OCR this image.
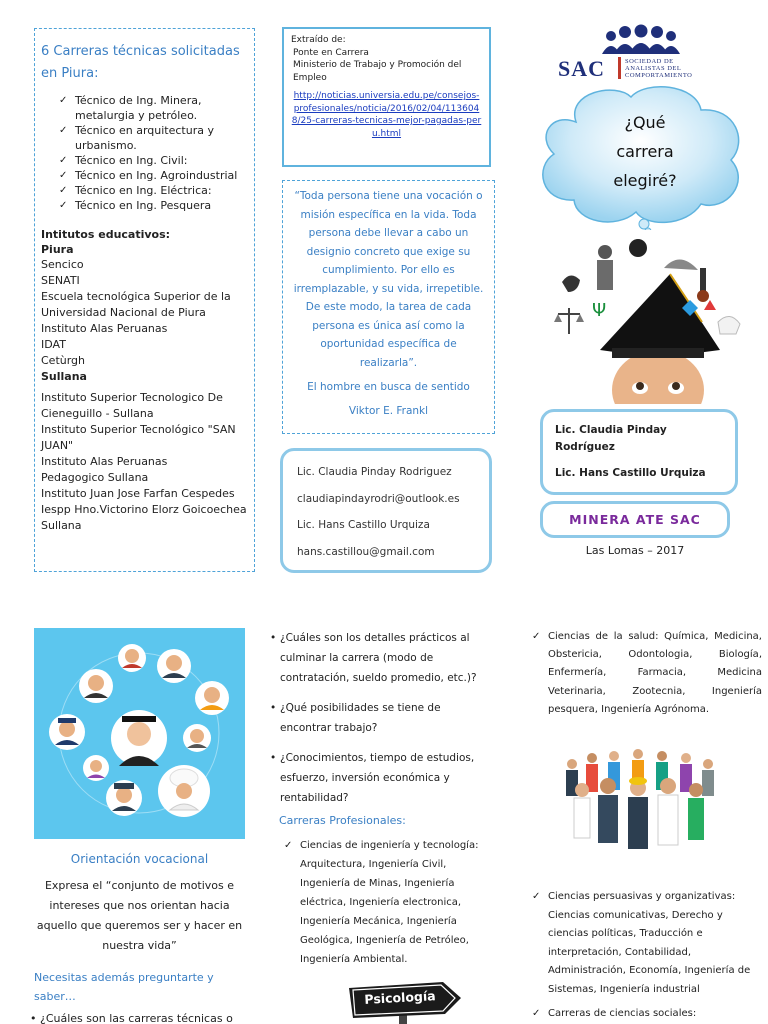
6 Carreras técnicas solicitadas en Piura:
✓ Técnico de Ing. Minera, metalurgia y petróleo.
✓ Técnico en arquitectura y urbanismo.
✓ Técnico en Ing. Civil:
✓ Técnico en Ing. Agroindustrial
✓ Técnico en Ing. Eléctrica:
✓ Técnico en Ing. Pesquera
Intitutos educativos:
Piura
Sencico
SENATI
Escuela tecnológica Superior de la Universidad Nacional de Piura
Instituto Alas Peruanas
IDAT
Cetùrgh
Sullana
Instituto Superior Tecnologico De Cieneguillo - Sullana
Instituto Superior Tecnológico "SAN JUAN"
Instituto Alas Peruanas
Pedagogico Sullana
Instituto Juan Jose Farfan Cespedes
Iespp Hno.Victorino Elorz Goicoechea Sullana
Extraído de:
Ponte en Carrera
Ministerio de Trabajo y Promoción del Empleo
http://noticias.universia.edu.pe/consejos-profesionales/noticia/2016/02/04/1136048/25-carreras-tecnicas-mejor-pagadas-peru.html
“Toda persona tiene una vocación o misión específica en la vida. Toda persona debe llevar a cabo un designio concreto que exige su cumplimiento. Por ello es irremplazable, y su vida, irrepetible. De este modo, la tarea de cada persona es única así como la oportunidad específica de realizarla”.
El hombre en busca de sentido
Viktor E. Frankl
Lic. Claudia Pinday Rodriguez
claudiapindayrodri@outlook.es
Lic. Hans Castillo Urquiza
hans.castillou@gmail.com
SAC	SOCIEDAD DE
ANALISTAS DEL
COMPORTAMIENTO
¿Qué
carrera
elegiré?
Ψ
Lic. Claudia Pinday Rodríguez
Lic. Hans Castillo Urquiza
MINERA ATE SAC
Las Lomas – 2017
Orientación vocacional
Expresa el “conjunto de motivos e intereses que nos orientan hacia aquello que queremos ser y hacer en nuestra vida”
Necesitas además preguntarte y saber…
• ¿Cuáles son las carreras técnicas o
• ¿Cuáles son los detalles prácticos al culminar la carrera (modo de contratación, sueldo promedio, etc.)?
• ¿Qué posibilidades se tiene de encontrar trabajo?
• ¿Conocimientos, tiempo de estudios, esfuerzo, inversión económica y rentabilidad?
Carreras Profesionales:
✓ Ciencias de ingeniería y tecnología: Arquitectura, Ingeniería Civil, Ingeniería de Minas, Ingeniería eléctrica, Ingeniería electronica, Ingeniería Mecánica, Ingeniería Geológica, Ingeniería de Petróleo, Ingeniería Ambiental.
Psicología
✓ Ciencias de la salud: Química, Medicina, Obstericia, Odontologia, Biología, Enfermería, Farmacia, Medicina Veterinaria, Zootecnia, Ingeniería pesquera, Ingeniería Agrónoma.
✓ Ciencias persuasivas y organizativas: Ciencias comunicativas, Derecho y ciencias políticas, Traducción e interpretación, Contabilidad, Administración, Economía, Ingeniería de Sistemas, Ingeniería industrial
✓ Carreras de ciencias sociales:
